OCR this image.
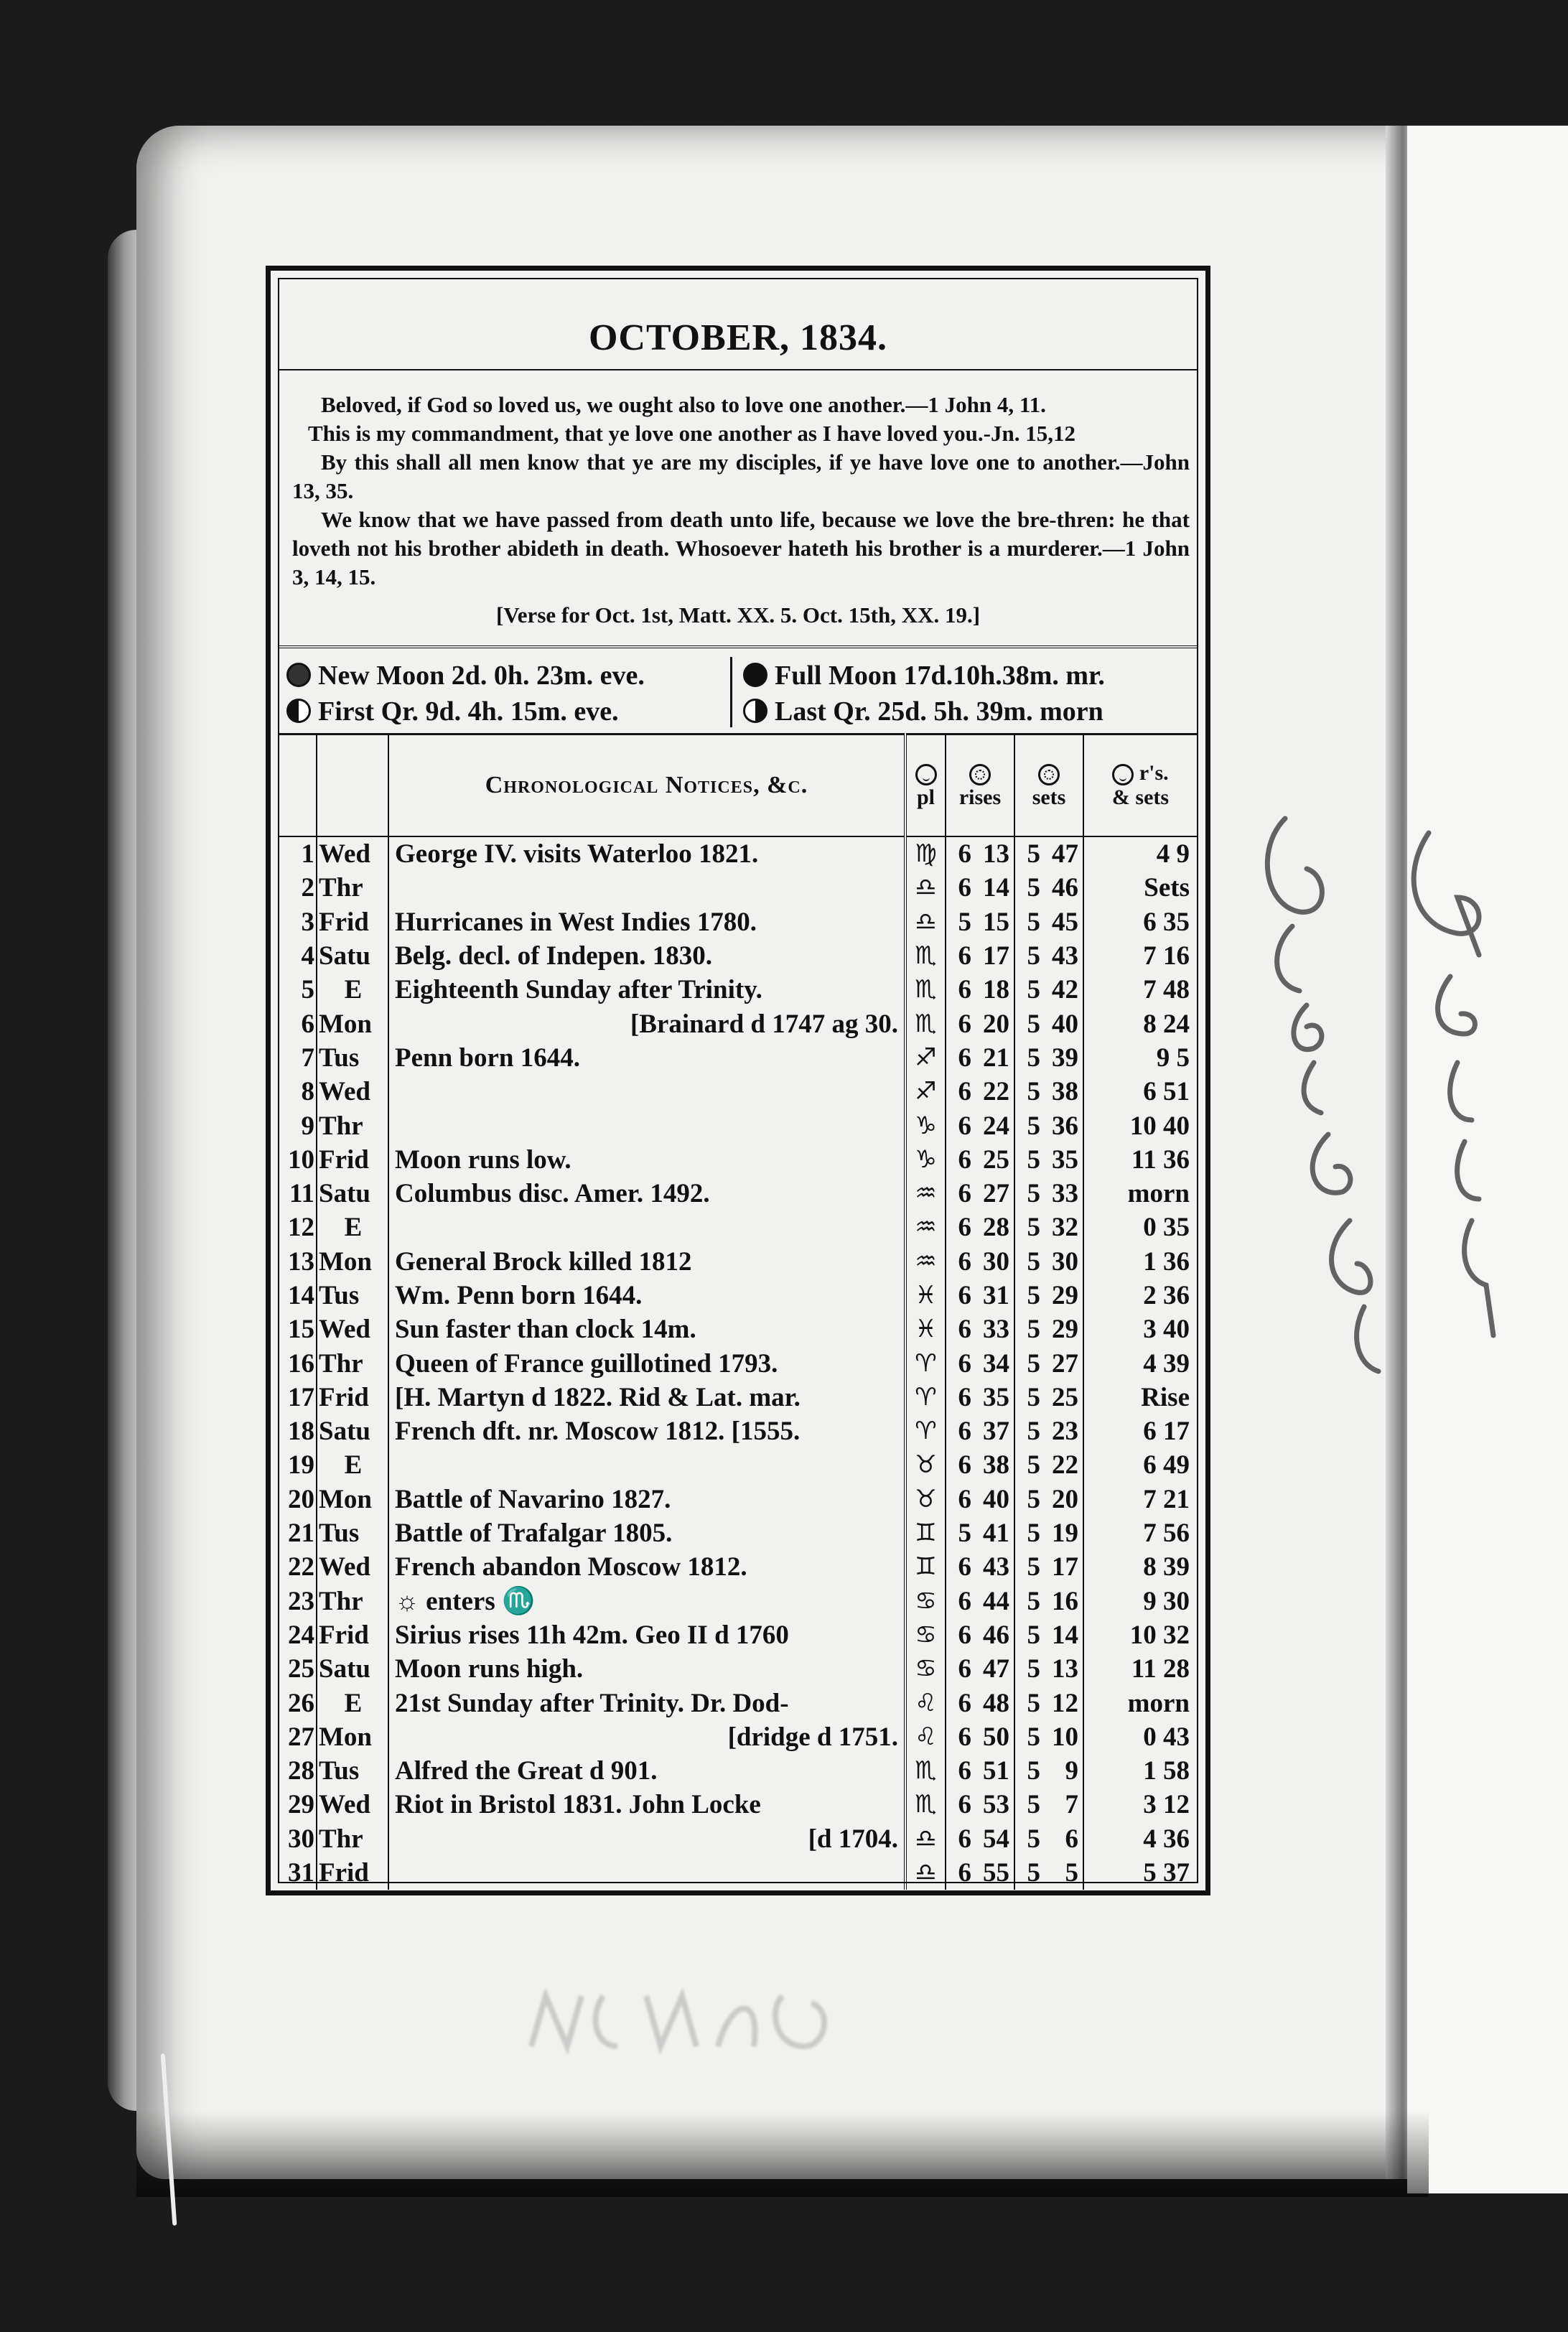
OCTOBER, 1834.

Beloved, if God so loved us, we ought also to love one another.—1 John 4, 11.

This is my commandment, that ye love one another as I have loved you.-Jn. 15,12

By this shall all men know that ye are my disciples, if ye have love one to another.—John 13, 35.

We know that we have passed from death unto life, because we love the bre-thren: he that loveth not his brother abideth in death. Whosoever hateth his brother is a murderer.—1 John 3, 14, 15.

[Verse for Oct. 1st, Matt. XX. 5. Oct. 15th, XX. 19.]
New Moon 2d. 0h. 23m. eve.
First Qr. 9d. 4h. 15m. eve.
Full Moon 17d.10h.38m. mr.
Last Qr. 25d. 5h. 39m. morn
		Chronological Notices, &c.	pl	rises		sets		r's.
& sets
1	Wed	George IV. visits Waterloo 1821.	♍	6	13	5	47	4 9
2	Thr		♎	6	14	5	46	Sets
3	Frid	Hurricanes in West Indies 1780.	♎	5	15	5	45	6 35
4	Satu	Belg. decl. of Indepen. 1830.	♏	6	17	5	43	7 16
5	E	Eighteenth Sunday after Trinity.	♏	6	18	5	42	7 48
6	Mon	[Brainard d 1747 ag 30.	♏	6	20	5	40	8 24
7	Tus	Penn born 1644.	♐	6	21	5	39	9 5
8	Wed		♐	6	22	5	38	6 51
9	Thr		♑	6	24	5	36	10 40
10	Frid	Moon runs low.	♑	6	25	5	35	11 36
11	Satu	Columbus disc. Amer. 1492.	♒	6	27	5	33	morn
12	E		♒	6	28	5	32	0 35
13	Mon	General Brock killed 1812	♒	6	30	5	30	1 36
14	Tus	Wm. Penn born 1644.	♓	6	31	5	29	2 36
15	Wed	Sun faster than clock 14m.	♓	6	33	5	29	3 40
16	Thr	Queen of France guillotined 1793.	♈	6	34	5	27	4 39
17	Frid	[H. Martyn d 1822. Rid & Lat. mar.	♈	6	35	5	25	Rise
18	Satu	French dft. nr. Moscow 1812. [1555.	♈	6	37	5	23	6 17
19	E		♉	6	38	5	22	6 49
20	Mon	Battle of Navarino 1827.	♉	6	40	5	20	7 21
21	Tus	Battle of Trafalgar 1805.	♊	5	41	5	19	7 56
22	Wed	French abandon Moscow 1812.	♊	6	43	5	17	8 39
23	Thr	☼ enters ♏	♋	6	44	5	16	9 30
24	Frid	Sirius rises 11h 42m. Geo II d 1760	♋	6	46	5	14	10 32
25	Satu	Moon runs high.	♋	6	47	5	13	11 28
26	E	21st Sunday after Trinity. Dr. Dod-	♌	6	48	5	12	morn
27	Mon	[dridge d 1751.	♌	6	50	5	10	0 43
28	Tus	Alfred the Great d 901.	♏	6	51	5	9	1 58
29	Wed	Riot in Bristol 1831. John Locke	♏	6	53	5	7	3 12
30	Thr	[d 1704.	♎	6	54	5	6	4 36
31	Frid		♎	6	55	5	5	5 37
